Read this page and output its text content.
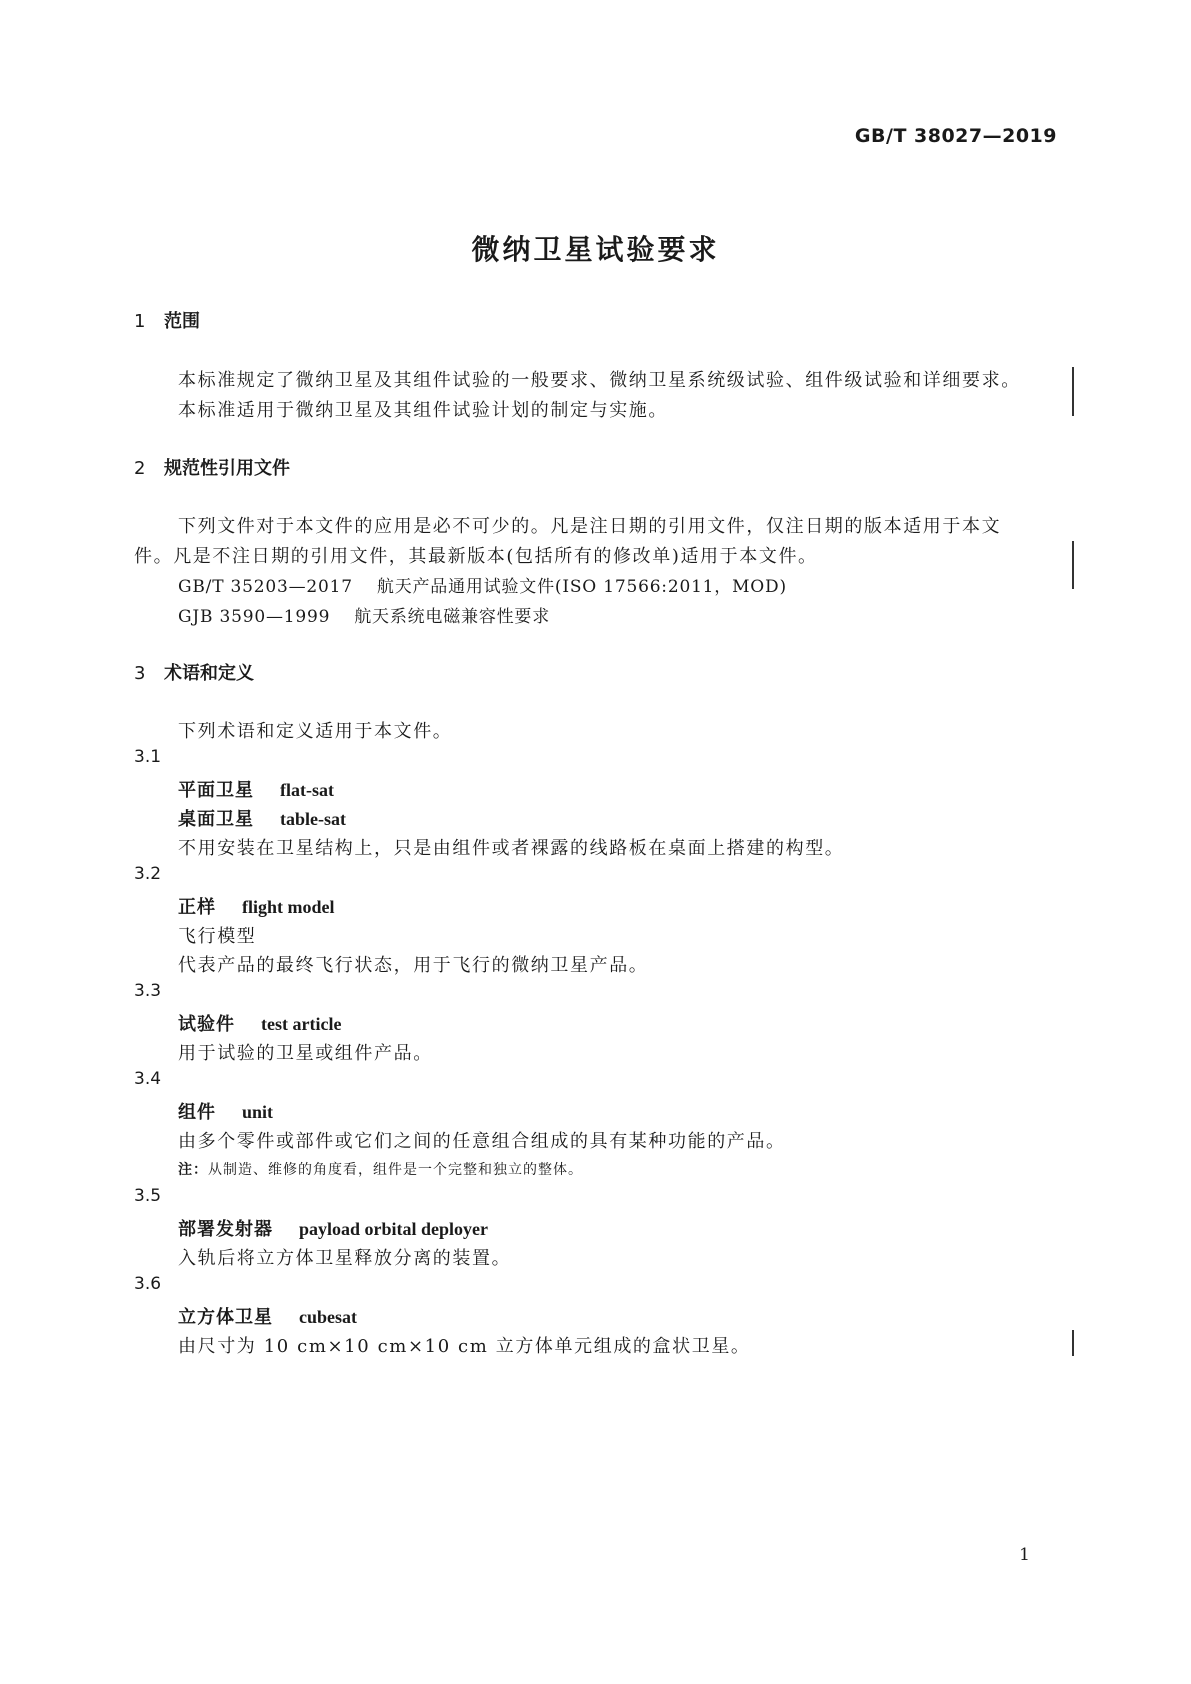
GB/T 38027—2019
微纳卫星试验要求
1 范围
本标准规定了微纳卫星及其组件试验的一般要求、微纳卫星系统级试验、组件级试验和详细要求。
本标准适用于微纳卫星及其组件试验计划的制定与实施。
2 规范性引用文件
下列文件对于本文件的应用是必不可少的。凡是注日期的引用文件，仅注日期的版本适用于本文
件。凡是不注日期的引用文件，其最新版本(包括所有的修改单)适用于本文件。
GB/T 35203—2017 航天产品通用试验文件(ISO 17566:2011，MOD)
GJB 3590—1999 航天系统电磁兼容性要求
3 术语和定义
下列术语和定义适用于本文件。
3.1
平面卫星 flat-sat
桌面卫星 table-sat
不用安装在卫星结构上，只是由组件或者裸露的线路板在桌面上搭建的构型。
3.2
正样 flight model
飞行模型
代表产品的最终飞行状态，用于飞行的微纳卫星产品。
3.3
试验件 test article
用于试验的卫星或组件产品。
3.4
组件 unit
由多个零件或部件或它们之间的任意组合组成的具有某种功能的产品。
注：从制造、维修的角度看，组件是一个完整和独立的整体。
3.5
部署发射器 payload orbital deployer
入轨后将立方体卫星释放分离的装置。
3.6
立方体卫星 cubesat
由尺寸为 10 cm×10 cm×10 cm 立方体单元组成的盒状卫星。
1
